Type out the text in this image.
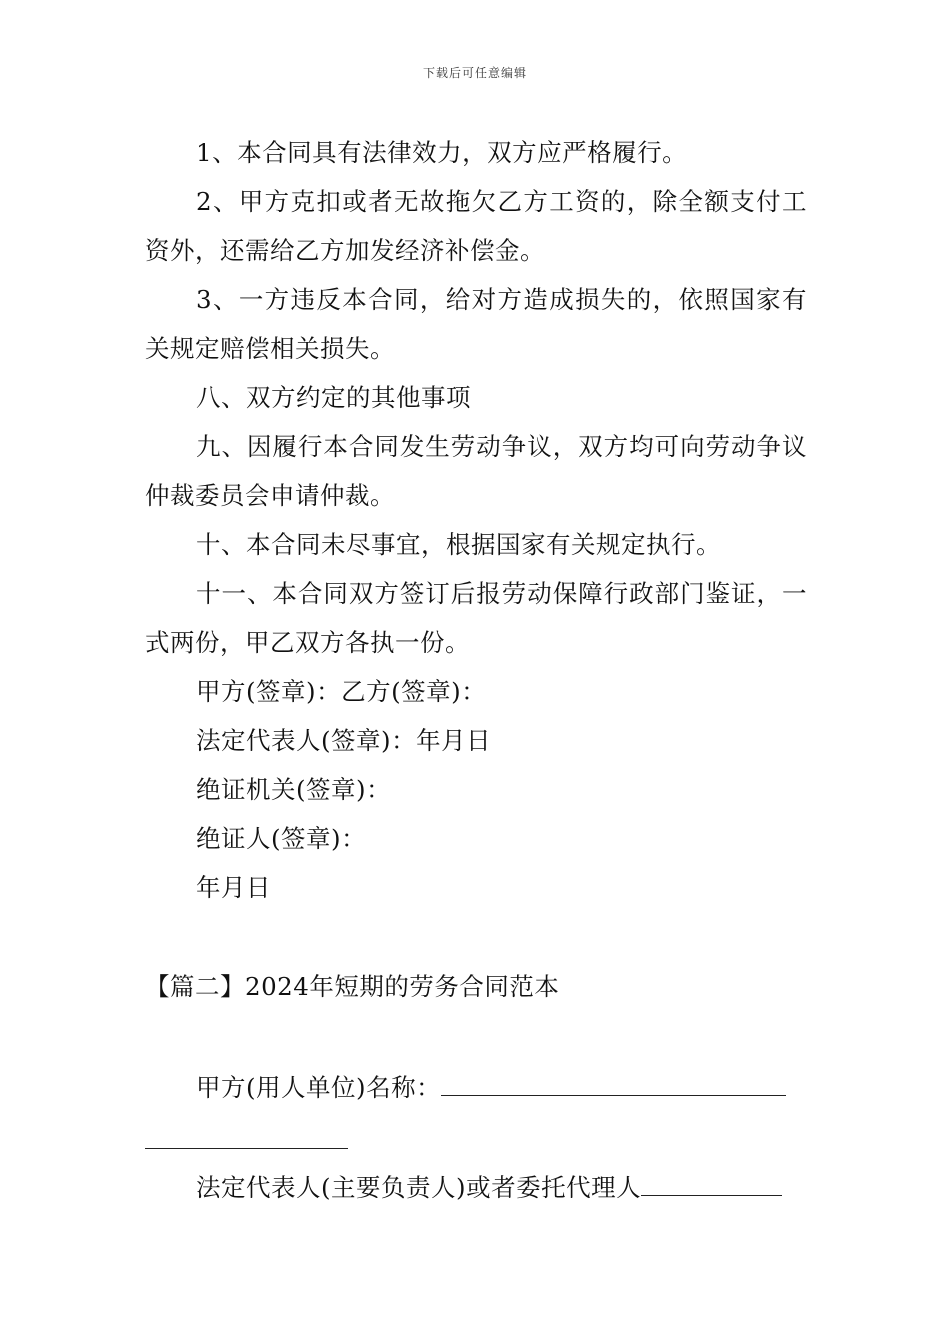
下载后可任意编辑

1、本合同具有法律效力，双方应严格履行。

2、甲方克扣或者无故拖欠乙方工资的，除全额支付工资外，还需给乙方加发经济补偿金。

3、一方违反本合同，给对方造成损失的，依照国家有关规定赔偿相关损失。

八、双方约定的其他事项

九、因履行本合同发生劳动争议，双方均可向劳动争议仲裁委员会申请仲裁。

十、本合同未尽事宜，根据国家有关规定执行。

十一、本合同双方签订后报劳动保障行政部门鉴证，一式两份，甲乙双方各执一份。

甲方(签章)：乙方(签章)：

法定代表人(签章)：年月日

绝证机关(签章)：

绝证人(签章)：

年月日

【篇二】2024年短期的劳务合同范本

甲方(用人单位)名称：

法定代表人(主要负责人)或者委托代理人
